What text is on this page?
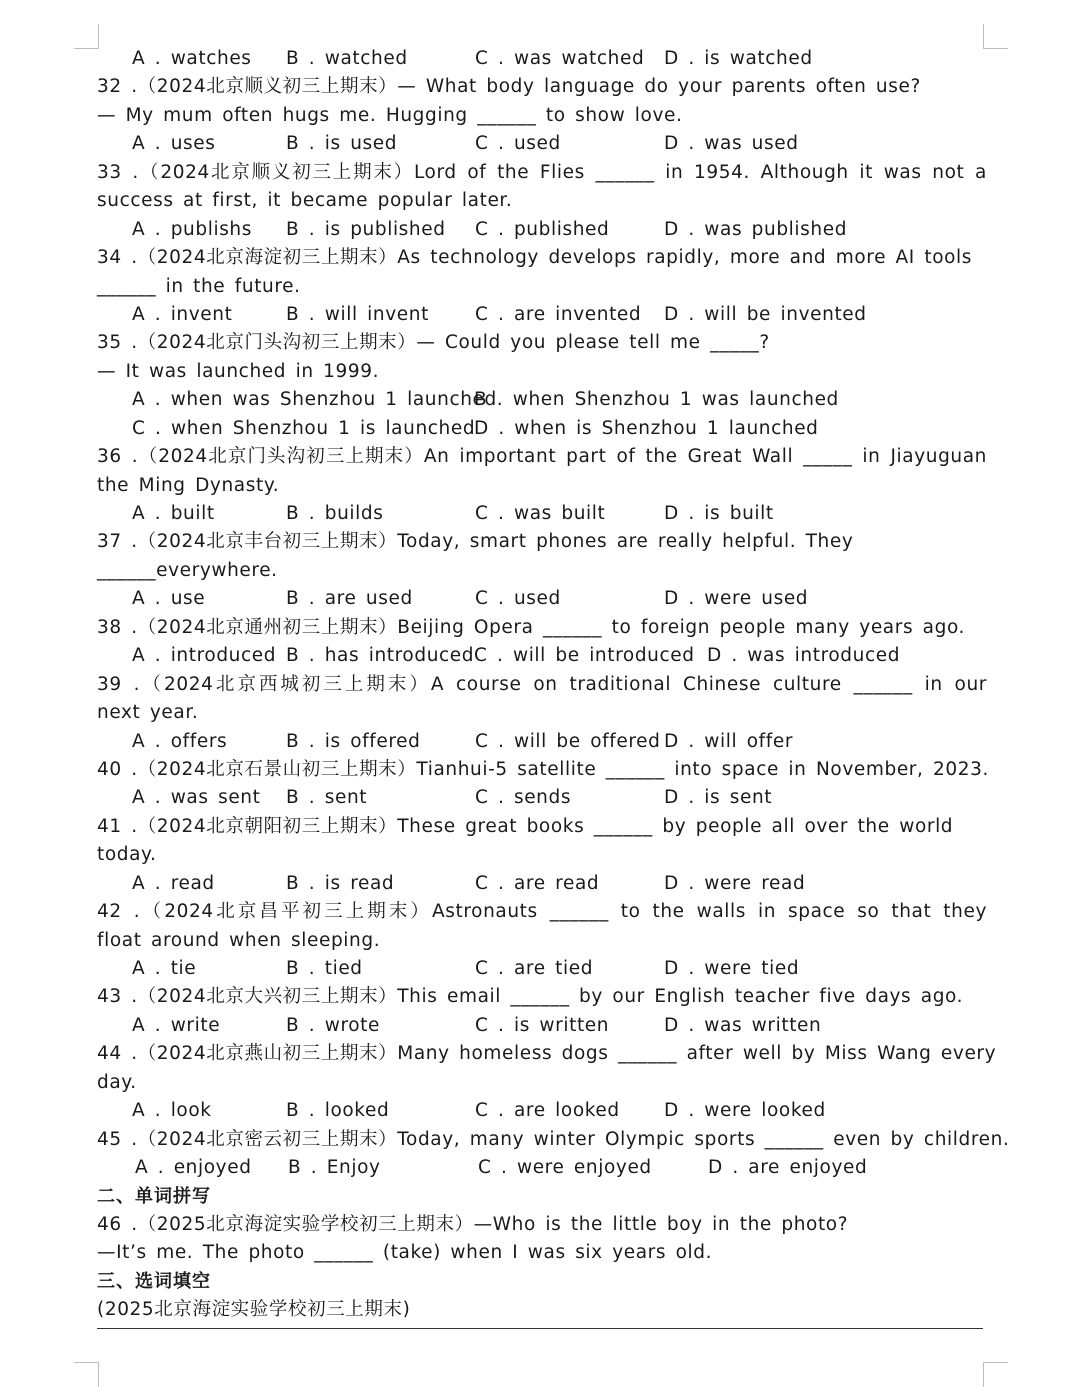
A . watches B . watched	C . was watched D . is watched
32 .（2024北京顺义初三上期末）— What body language do your parents often use?
— My mum often hugs me. Hugging ______ to show love.
A . uses	B . is used	C . used	D . was used
33 .（2024北京顺义初三上期末）Lord of the Flies ______ in 1954. Although it was not a
success at first, it became popular later.
A . publishs B . is published C . published	D . was published
34 .（2024北京海淀初三上期末）As technology develops rapidly, more and more AI tools
______ in the future.
A . invent	B . will invent C . are invented D . will be invented
35 .（2024北京门头沟初三上期末）— Could you please tell me _____?
— It was launched in 1999.
A . when was Shenzhou 1 launched
B . when Shenzhou 1 was launched
C . when Shenzhou 1 is launched
D . when is Shenzhou 1 launched
36 .（2024北京门头沟初三上期末）An important part of the Great Wall _____ in Jiayuguan
the Ming Dynasty.
A . built	B . builds	C . was built	D . is built
37 .（2024北京丰台初三上期末）Today, smart phones are really helpful. They
______everywhere.
A . use	B . are used	C . used	D . were used
38 .（2024北京通州初三上期末）Beijing Opera ______ to foreign people many years ago.
A . introduced B . has introduced C . will be introduced D . was introduced
39 .（2024北京西城初三上期末）A course on traditional Chinese culture ______ in our
next year.
A . offers	B . is offered	C . will be offered D . will offer
40 .（2024北京石景山初三上期末）Tianhui-5 satellite ______ into space in November, 2023.
A . was sent B . sent	C . sends	D . is sent
41 .（2024北京朝阳初三上期末）These great books ______ by people all over the world
today.
A . read	B . is read	C . are read	D . were read
42 .（2024北京昌平初三上期末）Astronauts ______ to the walls in space so that they
float around when sleeping.
A . tie	B . tied	C . are tied	D . were tied
43 .（2024北京大兴初三上期末）This email ______ by our English teacher five days ago.
A . write	B . wrote	C . is written	D . was written
44 .（2024北京燕山初三上期末）Many homeless dogs ______ after well by Miss Wang every
day.
A . look	B . looked	C . are looked D . were looked
45 .（2024北京密云初三上期末）Today, many winter Olympic sports ______ even by children.
A . enjoyed B . Enjoy	C . were enjoyed	D . are enjoyed
二、单词拼写
46 .（2025北京海淀实验学校初三上期末）—Who is the little boy in the photo?
—It’s me. The photo ______ (take) when I was six years old.
三、选词填空
(2025北京海淀实验学校初三上期末)
